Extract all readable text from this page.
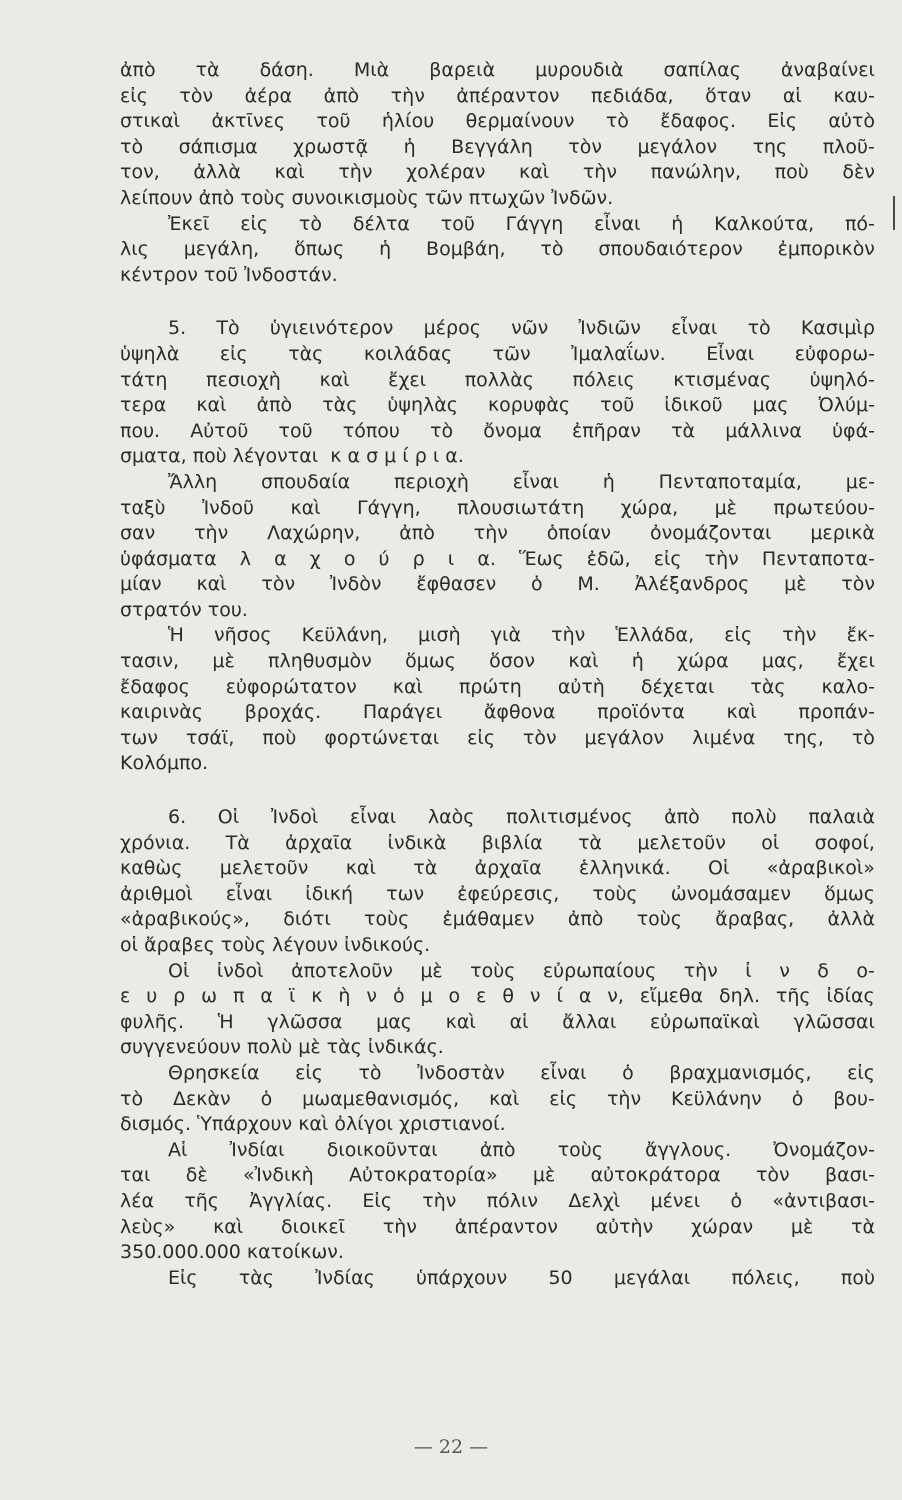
ἀπὸ τὰ δάση. Μιὰ βαρειὰ μυρουδιὰ σαπίλας ἀναβαίνει
εἰς τὸν ἀέρα ἀπὸ τὴν ἀπέραντον πεδιάδα, ὅταν αἱ καυ-
στικαὶ ἀκτῖνες τοῦ ἡλίου θερμαίνουν τὸ ἔδαφος. Εἰς αὐτὸ
τὸ σάπισμα χρωστᾷ ἡ Βεγγάλη τὸν μεγάλον της πλοῦ-
τον, ἀλλὰ καὶ τὴν χολέραν καὶ τὴν πανώλην, ποὺ δὲν
λείπουν ἀπὸ τοὺς συνοικισμοὺς τῶν πτωχῶν Ἰνδῶν.
Ἐκεῖ εἰς τὸ δέλτα τοῦ Γάγγη εἶναι ἡ Καλκούτα, πό-
λις μεγάλη, ὅπως ἡ Βομβάη, τὸ σπουδαιότερον ἐμπορικὸν
κέντρον τοῦ Ἰνδοστάν.
5. Τὸ ὑγιεινότερον μέρος νῶν Ἰνδιῶν εἶναι τὸ Κασιμὶρ
ὑψηλὰ εἰς τὰς κοιλάδας τῶν Ἰμαλαΐων. Εἶναι εὐφορω-
τάτη πεσιοχὴ καὶ ἔχει πολλὰς πόλεις κτισμένας ὑψηλό-
τερα καὶ ἀπὸ τὰς ὑψηλὰς κορυφὰς τοῦ ἰδικοῦ μας Ὀλύμ-
που. Αὐτοῦ τοῦ τόπου τὸ ὄνομα ἐπῆραν τὰ μάλλινα ὑφά-
σματα, ποὺ λέγονται  κ α σ μ ί ρ ι α.
Ἄλλη σπουδαία περιοχὴ εἶναι ἡ Πενταποταμία, με-
ταξὺ Ἰνδοῦ καὶ Γάγγη, πλουσιωτάτη χώρα, μὲ πρωτεύου-
σαν τὴν Λαχώρην, ἀπὸ τὴν ὁποίαν ὀνομάζονται μερικὰ
ὑφάσματα λ α χ ο ύ ρ ι α. Ἕως ἐδῶ, εἰς τὴν Πενταποτα-
μίαν καὶ τὸν Ἰνδὸν ἔφθασεν ὁ Μ. Ἀλέξανδρος μὲ τὸν
στρατόν του.
Ἡ νῆσος Κεϋλάνη, μισὴ γιὰ τὴν Ἑλλάδα, εἰς τὴν ἔκ-
τασιν, μὲ πληθυσμὸν ὅμως ὅσον καὶ ἡ χώρα μας, ἔχει
ἔδαφος εὐφορώτατον καὶ πρώτη αὐτὴ δέχεται τὰς καλο-
καιρινὰς βροχάς. Παράγει ἄφθονα προϊόντα καὶ προπάν-
των τσάϊ, ποὺ φορτώνεται εἰς τὸν μεγάλον λιμένα της, τὸ
Κολόμπο.
6. Οἱ Ἰνδοὶ εἶναι λαὸς πολιτισμένος ἀπὸ πολὺ παλαιὰ
χρόνια. Τὰ ἀρχαῖα ἰνδικὰ βιβλία τὰ μελετοῦν οἱ σοφοί,
καθὼς μελετοῦν καὶ τὰ ἀρχαῖα ἑλληνικά. Οἱ «ἀραβικοὶ»
ἀριθμοὶ εἶναι ἰδική των ἐφεύρεσις, τοὺς ὠνομάσαμεν ὅμως
«ἀραβικούς», διότι τοὺς ἐμάθαμεν ἀπὸ τοὺς ἄραβας, ἀλλὰ
οἱ ἄραβες τοὺς λέγουν ἰνδικούς.
Οἱ ἰνδοὶ ἀποτελοῦν μὲ τοὺς εὐρωπαίους τὴν ἰ ν δ ο-
ε υ ρ ω π α ϊ κ ὴ ν ὁ μ ο ε θ ν ί α ν, εἴμεθα δηλ. τῆς ἰδίας
φυλῆς. Ἡ γλῶσσα μας καὶ αἱ ἄλλαι εὐρωπαϊκαὶ γλῶσσαι
συγγενεύουν πολὺ μὲ τὰς ἰνδικάς.
Θρησκεία εἰς τὸ Ἰνδοστὰν εἶναι ὁ βραχμανισμός, εἰς
τὸ Δεκὰν ὁ μωαμεθανισμός, καὶ εἰς τὴν Κεϋλάνην ὁ βου-
δισμός. Ὑπάρχουν καὶ ὀλίγοι χριστιανοί.
Αἱ Ἰνδίαι διοικοῦνται ἀπὸ τοὺς ἄγγλους. Ὀνομάζον-
ται δὲ «Ἰνδικὴ Αὐτοκρατορία» μὲ αὐτοκράτορα τὸν βασι-
λέα τῆς Ἀγγλίας. Εἰς τὴν πόλιν Δελχὶ μένει ὁ «ἀντιβασι-
λεὺς» καὶ διοικεῖ τὴν ἀπέραντον αὐτὴν χώραν μὲ τὰ
350.000.000 κατοίκων.
Εἰς τὰς Ἰνδίας ὑπάρχουν 50 μεγάλαι πόλεις, ποὺ
— 22 —
